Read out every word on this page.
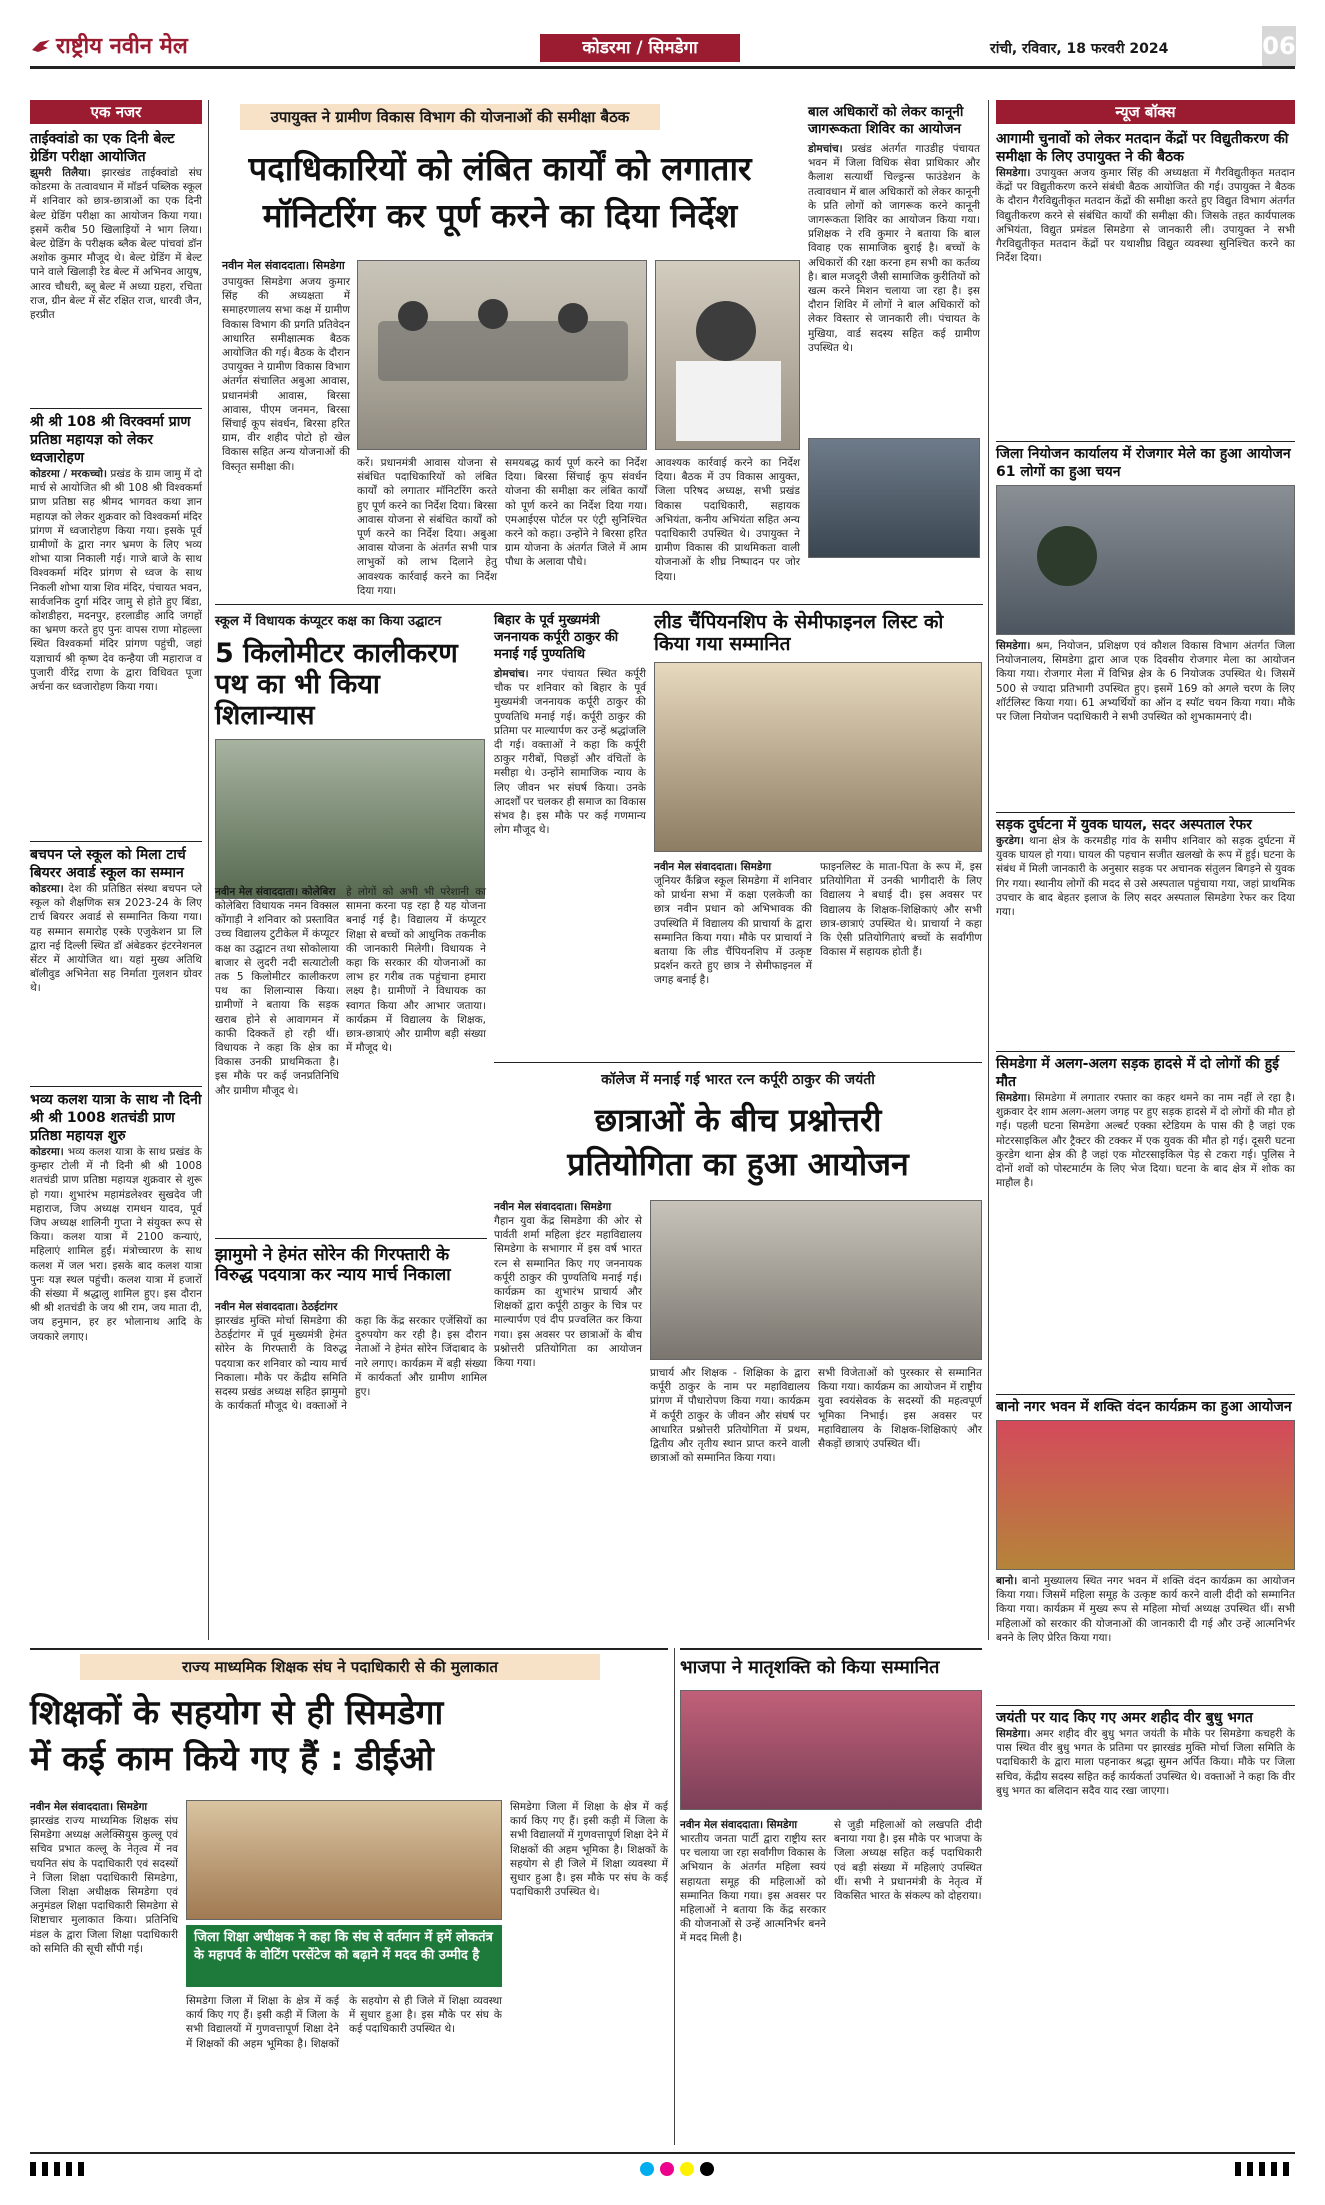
राष्ट्रीय नवीन मेल	कोडरमा / सिमडेगा	रांची, रविवार, 18 फरवरी 2024	06
एक नजर
ताईक्वांडो का एक दिनी बेल्ट ग्रेडिंग परीक्षा आयोजित
झुमरी तिलैया। झारखंड ताईक्वांडो संघ कोडरमा के तत्वावधान में मॉडर्न पब्लिक स्कूल में शनिवार को छात्र-छात्राओं का एक दिनी बेल्ट ग्रेडिंग परीक्षा का आयोजन किया गया। इसमें करीब 50 खिलाड़ियों ने भाग लिया। बेल्ट ग्रेडिंग के परीक्षक ब्लैक बेल्ट पांचवां डॉन अशोक कुमार मौजूद थे। बेल्ट ग्रेडिंग में बेल्ट पाने वाले खिलाड़ी रेड बेल्ट में अभिनव आयुष, आरव चौधरी, ब्लू बेल्ट में अध्या ग्रहरा, रचिता राज, ग्रीन बेल्ट में सेंट रक्षित राज, धारवी जैन, हरप्रीत
श्री श्री 108 श्री विरक्वर्मा प्राण प्रतिष्ठा महायज्ञ को लेकर ध्वजारोहण
कोडरमा / मरकच्चो। प्रखंड के ग्राम जामु में दो मार्च से आयोजित श्री श्री 108 श्री विश्वकर्मा प्राण प्रतिष्ठा सह श्रीमद भागवत कथा ज्ञान महायज्ञ को लेकर शुक्रवार को विश्वकर्मा मंदिर प्रांगण में ध्वजारोहण किया गया। इसके पूर्व ग्रामीणों के द्वारा नगर भ्रमण के लिए भव्य शोभा यात्रा निकाली गई। गाजे बाजे के साथ विश्वकर्मा मंदिर प्रांगण से ध्वज के साथ निकली शोभा यात्रा शिव मंदिर, पंचायत भवन, सार्वजनिक दुर्गा मंदिर जामु से होते हुए बिंडा, कोशडीहरा, मदनपुर, हरलाडीह आदि जगहों का भ्रमण करते हुए पुनः वापस राणा मोहल्ला स्थित विश्वकर्मा मंदिर प्रांगण पहुंची, जहां यज्ञाचार्य श्री कृष्ण देव कन्हैया जी महाराज व पुजारी वीरेंद्र राणा के द्वारा विधिवत पूजा अर्चना कर ध्वजारोहण किया गया।
बचपन प्ले स्कूल को मिला टार्च बियरर अवार्ड स्कूल का सम्मान
कोडरमा। देश की प्रतिष्ठित संस्था बचपन प्ले स्कूल को शैक्षणिक सत्र 2023-24 के लिए टार्च बियरर अवार्ड से सम्मानित किया गया। यह सम्मान समारोह एस्के एजुकेशन प्रा लि द्वारा नई दिल्ली स्थित डॉ अंबेडकर इंटरनेशनल सेंटर में आयोजित था। यहां मुख्य अतिथि बॉलीवुड अभिनेता सह निर्माता गुलशन ग्रोवर थे।
भव्य कलश यात्रा के साथ नौ दिनी श्री श्री 1008 शतचंडी प्राण प्रतिष्ठा महायज्ञ शुरु
कोडरमा। भव्य कलश यात्रा के साथ प्रखंड के कुम्हार टोली में नौ दिनी श्री श्री 1008 शतचंडी प्राण प्रतिष्ठा महायज्ञ शुक्रवार से शुरू हो गया। शुभारंभ महामंडलेश्वर सुखदेव जी महाराज, जिप अध्यक्ष रामधन यादव, पूर्व जिप अध्यक्ष शालिनी गुप्ता ने संयुक्त रूप से किया। कलश यात्रा में 2100 कन्याएं, महिलाएं शामिल हुईं। मंत्रोच्चारण के साथ कलश में जल भरा। इसके बाद कलश यात्रा पुनः यज्ञ स्थल पहुंची। कलश यात्रा में हजारों की संख्या में श्रद्धालु शामिल हुए। इस दौरान श्री श्री शतचंडी के जय श्री राम, जय माता दी, जय हनुमान, हर हर भोलानाथ आदि के जयकारे लगाए।
उपायुक्त ने ग्रामीण विकास विभाग की योजनाओं की समीक्षा बैठक
पदाधिकारियों को लंबित कार्यों को लगातार
मॉनिटरिंग कर पूर्ण करने का दिया निर्देश
नवीन मेल संवाददाता। सिमडेगा
उपायुक्त सिमडेगा अजय कुमार सिंह की अध्यक्षता में समाहरणालय सभा कक्ष में ग्रामीण विकास विभाग की प्रगति प्रतिवेदन आधारित समीक्षात्मक बैठक आयोजित की गई। बैठक के दौरान उपायुक्त ने ग्रामीण विकास विभाग अंतर्गत संचालित अबुआ आवास, प्रधानमंत्री आवास, बिरसा आवास, पीएम जनमन, बिरसा सिंचाई कूप संवर्धन, बिरसा हरित ग्राम, वीर शहीद पोटो हो खेल विकास सहित अन्य योजनाओं की विस्तृत समीक्षा की।	करें। प्रधानमंत्री आवास योजना से संबंधित पदाधिकारियों को लंबित कार्यों को लगातार मॉनिटरिंग करते हुए पूर्ण करने का निर्देश दिया। बिरसा आवास योजना से संबंधित कार्यों को पूर्ण करने का निर्देश दिया। अबुआ आवास योजना के अंतर्गत सभी पात्र लाभुकों को लाभ दिलाने हेतु आवश्यक कार्रवाई करने का निर्देश दिया गया।
समयबद्ध कार्य पूर्ण करने का निर्देश दिया। बिरसा सिंचाई कूप संवर्धन योजना की समीक्षा कर लंबित कार्यों को पूर्ण करने का निर्देश दिया गया। एमआईएस पोर्टल पर एंट्री सुनिश्चित करने को कहा। उन्होंने ने बिरसा हरित ग्राम योजना के अंतर्गत जिले में आम पौधा के अलावा पौधे।
आवश्यक कार्रवाई करने का निर्देश दिया। बैठक में उप विकास आयुक्त, जिला परिषद अध्यक्ष, सभी प्रखंड विकास पदाधिकारी, सहायक अभियंता, कनीय अभियंता सहित अन्य पदाधिकारी उपस्थित थे। उपायुक्त ने ग्रामीण विकास की प्राथमिकता वाली योजनाओं के शीघ्र निष्पादन पर जोर दिया।
बाल अधिकारों को लेकर कानूनी जागरूकता शिविर का आयोजन
डोमचांच। प्रखंड अंतर्गत गाउडीह पंचायत भवन में जिला विधिक सेवा प्राधिकार और कैलाश सत्यार्थी चिल्ड्रन्स फाउंडेशन के तत्वावधान में बाल अधिकारों को लेकर कानूनी के प्रति लोगों को जागरूक करने कानूनी जागरूकता शिविर का आयोजन किया गया। प्रशिक्षक ने रवि कुमार ने बताया कि बाल विवाह एक सामाजिक बुराई है। बच्चों के अधिकारों की रक्षा करना हम सभी का कर्तव्य है। बाल मजदूरी जैसी सामाजिक कुरीतियों को खत्म करने मिशन चलाया जा रहा है। इस दौरान शिविर में लोगों ने बाल अधिकारों को लेकर विस्तार से जानकारी ली। पंचायत के मुखिया, वार्ड सदस्य सहित कई ग्रामीण उपस्थित थे।
न्यूज बॉक्स
आगामी चुनावों को लेकर मतदान केंद्रों पर विद्युतीकरण की समीक्षा के लिए उपायुक्त ने की बैठक
सिमडेगा। उपायुक्त अजय कुमार सिंह की अध्यक्षता में गैरविद्युतीकृत मतदान केंद्रों पर विद्युतीकरण करने संबंधी बैठक आयोजित की गई। उपायुक्त ने बैठक के दौरान गैरविद्युतीकृत मतदान केंद्रों की समीक्षा करते हुए विद्युत विभाग अंतर्गत विद्युतीकरण करने से संबंधित कार्यों की समीक्षा की। जिसके तहत कार्यपालक अभियंता, विद्युत प्रमंडल सिमडेगा से जानकारी ली। उपायुक्त ने सभी गैरविद्युतीकृत मतदान केंद्रों पर यथाशीघ्र विद्युत व्यवस्था सुनिश्चित करने का निर्देश दिया।
जिला नियोजन कार्यालय में रोजगार मेले का हुआ आयोजन 61 लोगों का हुआ चयन
सिमडेगा। श्रम, नियोजन, प्रशिक्षण एवं कौशल विकास विभाग अंतर्गत जिला नियोजनालय, सिमडेगा द्वारा आज एक दिवसीय रोजगार मेला का आयोजन किया गया। रोजगार मेला में विभिन्न क्षेत्र के 6 नियोजक उपस्थित थे। जिसमें 500 से ज्यादा प्रतिभागी उपस्थित हुए। इसमें 169 को अगले चरण के लिए शॉर्टलिस्ट किया गया। 61 अभ्यर्थियों का ऑन द स्पॉट चयन किया गया। मौके पर जिला नियोजन पदाधिकारी ने सभी उपस्थित को शुभकामनाएं दी।
सड़क दुर्घटना में युवक घायल, सदर अस्पताल रेफर
कुरडेग। थाना क्षेत्र के करमडीह गांव के समीप शनिवार को सड़क दुर्घटना में युवक घायल हो गया। घायल की पहचान सजीत खलखो के रूप में हुई। घटना के संबंध में मिली जानकारी के अनुसार सड़क पर अचानक संतुलन बिगड़ने से युवक गिर गया। स्थानीय लोगों की मदद से उसे अस्पताल पहुंचाया गया, जहां प्राथमिक उपचार के बाद बेहतर इलाज के लिए सदर अस्पताल सिमडेगा रेफर कर दिया गया।
सिमडेगा में अलग-अलग सड़क हादसे में दो लोगों की हुई मौत
सिमडेगा। सिमडेगा में लगातार रफ्तार का कहर थमने का नाम नहीं ले रहा है। शुक्रवार देर शाम अलग-अलग जगह पर हुए सड़क हादसे में दो लोगों की मौत हो गई। पहली घटना सिमडेगा अल्बर्ट एक्का स्टेडियम के पास की है जहां एक मोटरसाइकिल और ट्रैक्टर की टक्कर में एक युवक की मौत हो गई। दूसरी घटना कुरडेग थाना क्षेत्र की है जहां एक मोटरसाइकिल पेड़ से टकरा गई। पुलिस ने दोनों शवों को पोस्टमार्टम के लिए भेज दिया। घटना के बाद क्षेत्र में शोक का माहौल है।
बानो नगर भवन में शक्ति वंदन कार्यक्रम का हुआ आयोजन
बानो। बानो मुख्यालय स्थित नगर भवन में शक्ति वंदन कार्यक्रम का आयोजन किया गया। जिसमें महिला समूह के उत्कृष्ट कार्य करने वाली दीदी को सम्मानित किया गया। कार्यक्रम में मुख्य रूप से महिला मोर्चा अध्यक्ष उपस्थित थीं। सभी महिलाओं को सरकार की योजनाओं की जानकारी दी गई और उन्हें आत्मनिर्भर बनने के लिए प्रेरित किया गया।
जयंती पर याद किए गए अमर शहीद वीर बुधु भगत
सिमडेगा। अमर शहीद वीर बुधु भगत जयंती के मौके पर सिमडेगा कचहरी के पास स्थित वीर बुधु भगत के प्रतिमा पर झारखंड मुक्ति मोर्चा जिला समिति के पदाधिकारी के द्वारा माला पहनाकर श्रद्धा सुमन अर्पित किया। मौके पर जिला सचिव, केंद्रीय सदस्य सहित कई कार्यकर्ता उपस्थित थे। वक्ताओं ने कहा कि वीर बुधु भगत का बलिदान सदैव याद रखा जाएगा।
स्कूल में विधायक कंप्यूटर कक्ष का किया उद्घाटन
5 किलोमीटर कालीकरण पथ का भी किया शिलान्यास
नवीन मेल संवाददाता। कोलेबिरा
कोलेबिरा विधायक नमन विक्सल कोंगाड़ी ने शनिवार को प्रस्तावित उच्च विद्यालय टुटीकेल में कंप्यूटर कक्ष का उद्घाटन तथा सोकोलाया बाजार से लुदरी नदी सत्याटोली तक 5 किलोमीटर कालीकरण पथ का शिलान्यास किया। ग्रामीणों ने बताया कि सड़क खराब होने से आवागमन में काफी दिक्कतें हो रही थीं। विधायक ने कहा कि क्षेत्र का विकास उनकी प्राथमिकता है। इस मौके पर कई जनप्रतिनिधि और ग्रामीण मौजूद थे।
हे लोगों को अभी भी परेशानी का सामना करना पड़ रहा है यह योजना बनाई गई है। विद्यालय में कंप्यूटर शिक्षा से बच्चों को आधुनिक तकनीक की जानकारी मिलेगी। विधायक ने कहा कि सरकार की योजनाओं का लाभ हर गरीब तक पहुंचाना हमारा लक्ष्य है। ग्रामीणों ने विधायक का स्वागत किया और आभार जताया। कार्यक्रम में विद्यालय के शिक्षक, छात्र-छात्राएं और ग्रामीण बड़ी संख्या में मौजूद थे।
बिहार के पूर्व मुख्यमंत्री जननायक कर्पूरी ठाकुर की मनाई गई पुण्यतिथि
डोमचांच। नगर पंचायत स्थित कर्पूरी चौक पर शनिवार को बिहार के पूर्व मुख्यमंत्री जननायक कर्पूरी ठाकुर की पुण्यतिथि मनाई गई। कर्पूरी ठाकुर की प्रतिमा पर माल्यार्पण कर उन्हें श्रद्धांजलि दी गई। वक्ताओं ने कहा कि कर्पूरी ठाकुर गरीबों, पिछड़ों और वंचितों के मसीहा थे। उन्होंने सामाजिक न्याय के लिए जीवन भर संघर्ष किया। उनके आदर्शों पर चलकर ही समाज का विकास संभव है। इस मौके पर कई गणमान्य लोग मौजूद थे।
लीड चैंपियनशिप के सेमीफाइनल लिस्ट को किया गया सम्मानित
नवीन मेल संवाददाता। सिमडेगा
जूनियर कैंब्रिज स्कूल सिमडेगा में शनिवार को प्रार्थना सभा में कक्षा एलकेजी का छात्र नवीन प्रधान को अभिभावक की उपस्थिति में विद्यालय की प्राचार्या के द्वारा सम्मानित किया गया। मौके पर प्राचार्या ने बताया कि लीड चैंपियनशिप में उत्कृष्ट प्रदर्शन करते हुए छात्र ने सेमीफाइनल में जगह बनाई है।
फाइनलिस्ट के माता-पिता के रूप में, इस प्रतियोगिता में उनकी भागीदारी के लिए विद्यालय ने बधाई दी। इस अवसर पर विद्यालय के शिक्षक-शिक्षिकाएं और सभी छात्र-छात्राएं उपस्थित थे। प्राचार्या ने कहा कि ऐसी प्रतियोगिताएं बच्चों के सर्वांगीण विकास में सहायक होती हैं।
कॉलेज में मनाई गई भारत रत्न कर्पूरी ठाकुर की जयंती
छात्राओं के बीच प्रश्नोत्तरी
प्रतियोगिता का हुआ आयोजन
नवीन मेल संवाददाता। सिमडेगा
गैहान युवा केंद्र सिमडेगा की ओर से पार्वती शर्मा महिला इंटर महाविद्यालय सिमडेगा के सभागार में इस वर्ष भारत रत्न से सम्मानित किए गए जननायक कर्पूरी ठाकुर की पुण्यतिथि मनाई गई। कार्यक्रम का शुभारंभ प्राचार्य और शिक्षकों द्वारा कर्पूरी ठाकुर के चित्र पर माल्यार्पण एवं दीप प्रज्वलित कर किया गया। इस अवसर पर छात्राओं के बीच प्रश्नोत्तरी प्रतियोगिता का आयोजन किया गया।
प्राचार्य और शिक्षक - शिक्षिका के द्वारा कर्पूरी ठाकुर के नाम पर महाविद्यालय प्रांगण में पौधारोपण किया गया। कार्यक्रम में कर्पूरी ठाकुर के जीवन और संघर्ष पर आधारित प्रश्नोत्तरी प्रतियोगिता में प्रथम, द्वितीय और तृतीय स्थान प्राप्त करने वाली छात्राओं को सम्मानित किया गया।
सभी विजेताओं को पुरस्कार से सम्मानित किया गया। कार्यक्रम का आयोजन में राष्ट्रीय युवा स्वयंसेवक के सदस्यों की महत्वपूर्ण भूमिका निभाई। इस अवसर पर महाविद्यालय के शिक्षक-शिक्षिकाएं और सैकड़ों छात्राएं उपस्थित थीं।
झामुमो ने हेमंत सोरेन की गिरफ्तारी के विरुद्ध पदयात्रा कर न्याय मार्च निकाला
नवीन मेल संवाददाता। ठेठईटांगर
झारखंड मुक्ति मोर्चा सिमडेगा की ठेठईटांगर में पूर्व मुख्यमंत्री हेमंत सोरेन के गिरफ्तारी के विरुद्ध पदयात्रा कर शनिवार को न्याय मार्च निकाला। मौके पर केंद्रीय समिति सदस्य प्रखंड अध्यक्ष सहित झामुमो के कार्यकर्ता मौजूद थे। वक्ताओं ने कहा कि केंद्र सरकार एजेंसियों का दुरुपयोग कर रही है। इस दौरान नेताओं ने हेमंत सोरेन जिंदाबाद के नारे लगाए। कार्यक्रम में बड़ी संख्या में कार्यकर्ता और ग्रामीण शामिल हुए।
राज्य माध्यमिक शिक्षक संघ ने पदाधिकारी से की मुलाकात
शिक्षकों के सहयोग से ही सिमडेगा
में कई काम किये गए हैं : डीईओ
नवीन मेल संवाददाता। सिमडेगा
झारखंड राज्य माध्यमिक शिक्षक संघ सिमडेगा अध्यक्ष अलेक्सियुस कुल्लू एवं सचिव प्रभात कल्लू के नेतृत्व में नव चयनित संघ के पदाधिकारी एवं सदस्यों ने जिला शिक्षा पदाधिकारी सिमडेगा, जिला शिक्षा अधीक्षक सिमडेगा एवं अनुमंडल शिक्षा पदाधिकारी सिमडेगा से शिष्टाचार मुलाकात किया। प्रतिनिधि मंडल के द्वारा जिला शिक्षा पदाधिकारी को समिति की सूची सौंपी गई।
जिला शिक्षा अधीक्षक ने कहा कि संघ से वर्तमान में हमें लोकतंत्र के महापर्व के वोटिंग परसेंटेज को बढ़ाने में मदद की उम्मीद है
सिमडेगा जिला में शिक्षा के क्षेत्र में कई कार्य किए गए हैं। इसी कड़ी में जिला के सभी विद्यालयों में गुणवत्तापूर्ण शिक्षा देने में शिक्षकों की अहम भूमिका है। शिक्षकों के सहयोग से ही जिले में शिक्षा व्यवस्था में सुधार हुआ है। इस मौके पर संघ के कई पदाधिकारी उपस्थित थे।
सिमडेगा जिला में शिक्षा के क्षेत्र में कई कार्य किए गए हैं। इसी कड़ी में जिला के सभी विद्यालयों में गुणवत्तापूर्ण शिक्षा देने में शिक्षकों की अहम भूमिका है। शिक्षकों के सहयोग से ही जिले में शिक्षा व्यवस्था में सुधार हुआ है। इस मौके पर संघ के कई पदाधिकारी उपस्थित थे।
भाजपा ने मातृशक्ति को किया सम्मानित
नवीन मेल संवाददाता। सिमडेगा
भारतीय जनता पार्टी द्वारा राष्ट्रीय स्तर पर चलाया जा रहा सर्वांगीण विकास के अभियान के अंतर्गत महिला स्वयं सहायता समूह की महिलाओं को सम्मानित किया गया। इस अवसर पर महिलाओं ने बताया कि केंद्र सरकार की योजनाओं से उन्हें आत्मनिर्भर बनने में मदद मिली है।
से जुड़ी महिलाओं को लखपति दीदी बनाया गया है। इस मौके पर भाजपा के जिला अध्यक्ष सहित कई पदाधिकारी एवं बड़ी संख्या में महिलाएं उपस्थित थीं। सभी ने प्रधानमंत्री के नेतृत्व में विकसित भारत के संकल्प को दोहराया।
